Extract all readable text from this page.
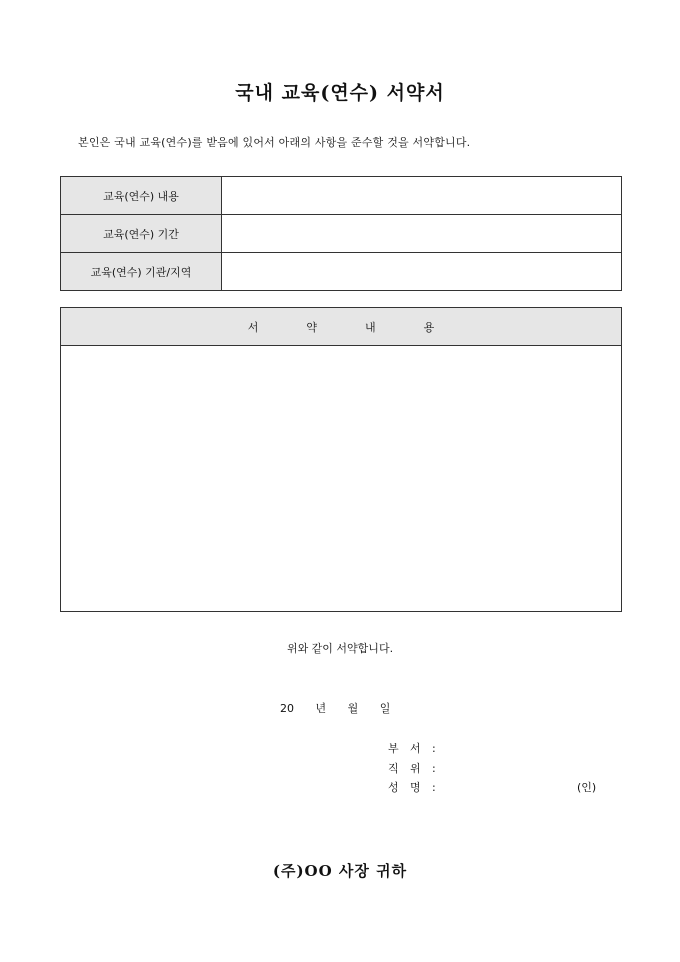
국내 교육(연수) 서약서
본인은 국내 교육(연수)를 받음에 있어서 아래의 사항을 준수할 것을 서약합니다.
교육(연수) 내용	
교육(연수) 기간	
교육(연수) 기관/지역	
서	약	내	용
위와 같이 서약합니다.
20 년 월 일
부 서 :
직 위 :
성 명 :	(인)
(주)OO 사장 귀하
